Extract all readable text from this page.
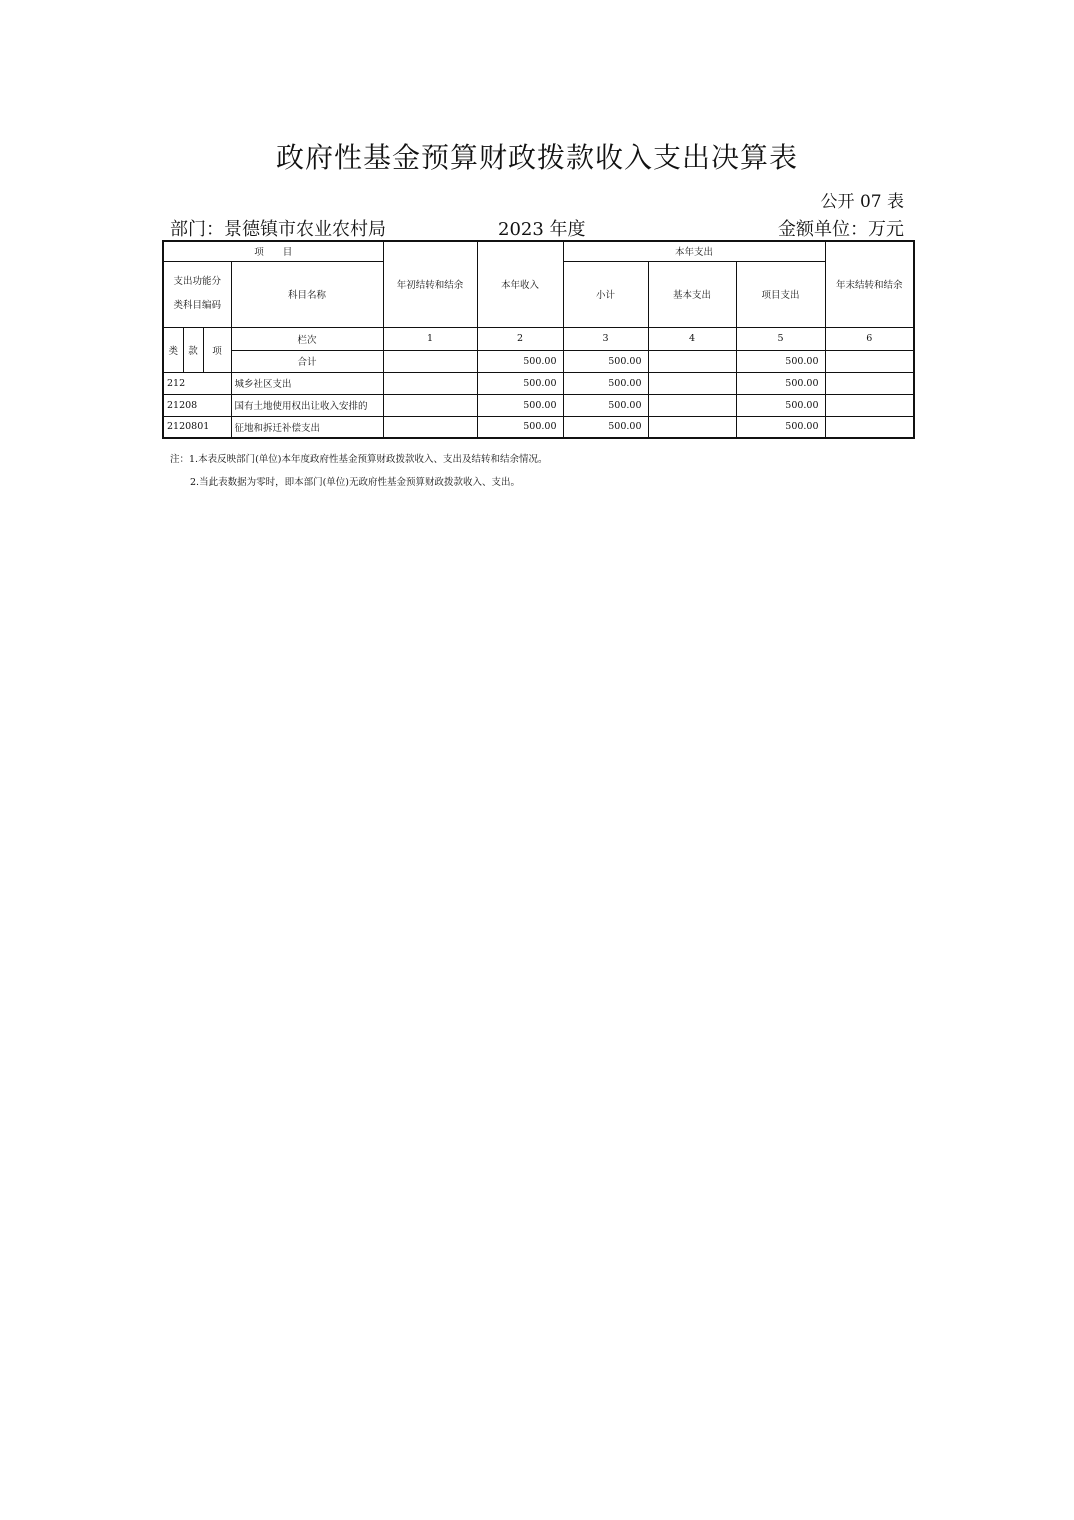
政府性基金预算财政拨款收入支出决算表
公开 07 表
部门：景德镇市农业农村局	2023 年度	金额单位：万元
项　　目				年初结转和结余	本年收入	本年支出			年末结转和结余

支出功能分
类科目编码			科目名称			小计	基本支出	项目支出	
类	款	项	栏次	1	2	3	4	5	6
			合计		500.00	500.00		500.00	
212			城乡社区支出		500.00	500.00		500.00	
21208			国有土地使用权出让收入安排的		500.00	500.00		500.00	
2120801			征地和拆迁补偿支出		500.00	500.00		500.00	
注：1.本表反映部门(单位)本年度政府性基金预算财政拨款收入、支出及结转和结余情况。
2.当此表数据为零时，即本部门(单位)无政府性基金预算财政拨款收入、支出。
